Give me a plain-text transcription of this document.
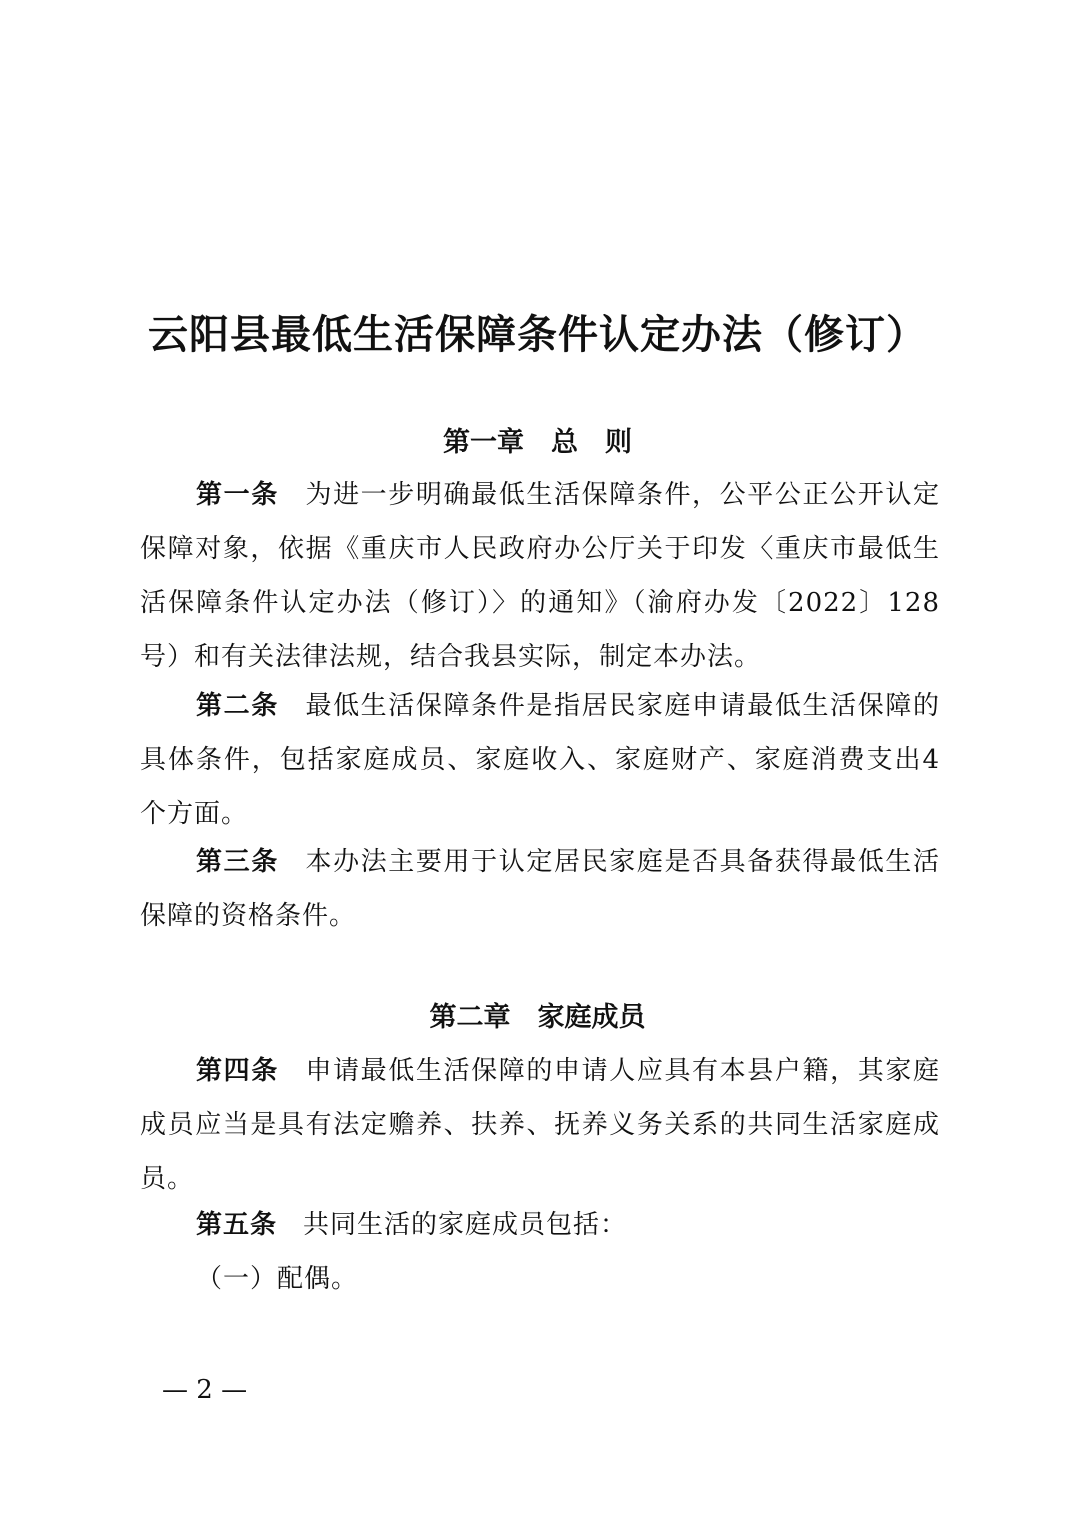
云阳县最低生活保障条件认定办法（修订）
第一章　总　则

第一条 为进一步明确最低生活保障条件，公平公正公开认定保障对象，依据《重庆市人民政府办公厅关于印发〈重庆市最低生活保障条件认定办法（修订）〉的通知》（渝府办发〔2022〕128号）和有关法律法规，结合我县实际，制定本办法。

第二条 最低生活保障条件是指居民家庭申请最低生活保障的具体条件，包括家庭成员、家庭收入、家庭财产、家庭消费支出4个方面。

第三条 本办法主要用于认定居民家庭是否具备获得最低生活保障的资格条件。

第二章　家庭成员

第四条 申请最低生活保障的申请人应具有本县户籍，其家庭成员应当是具有法定赡养、扶养、抚养义务关系的共同生活家庭成员。

第五条 共同生活的家庭成员包括：

（一）配偶。

— 2 —
